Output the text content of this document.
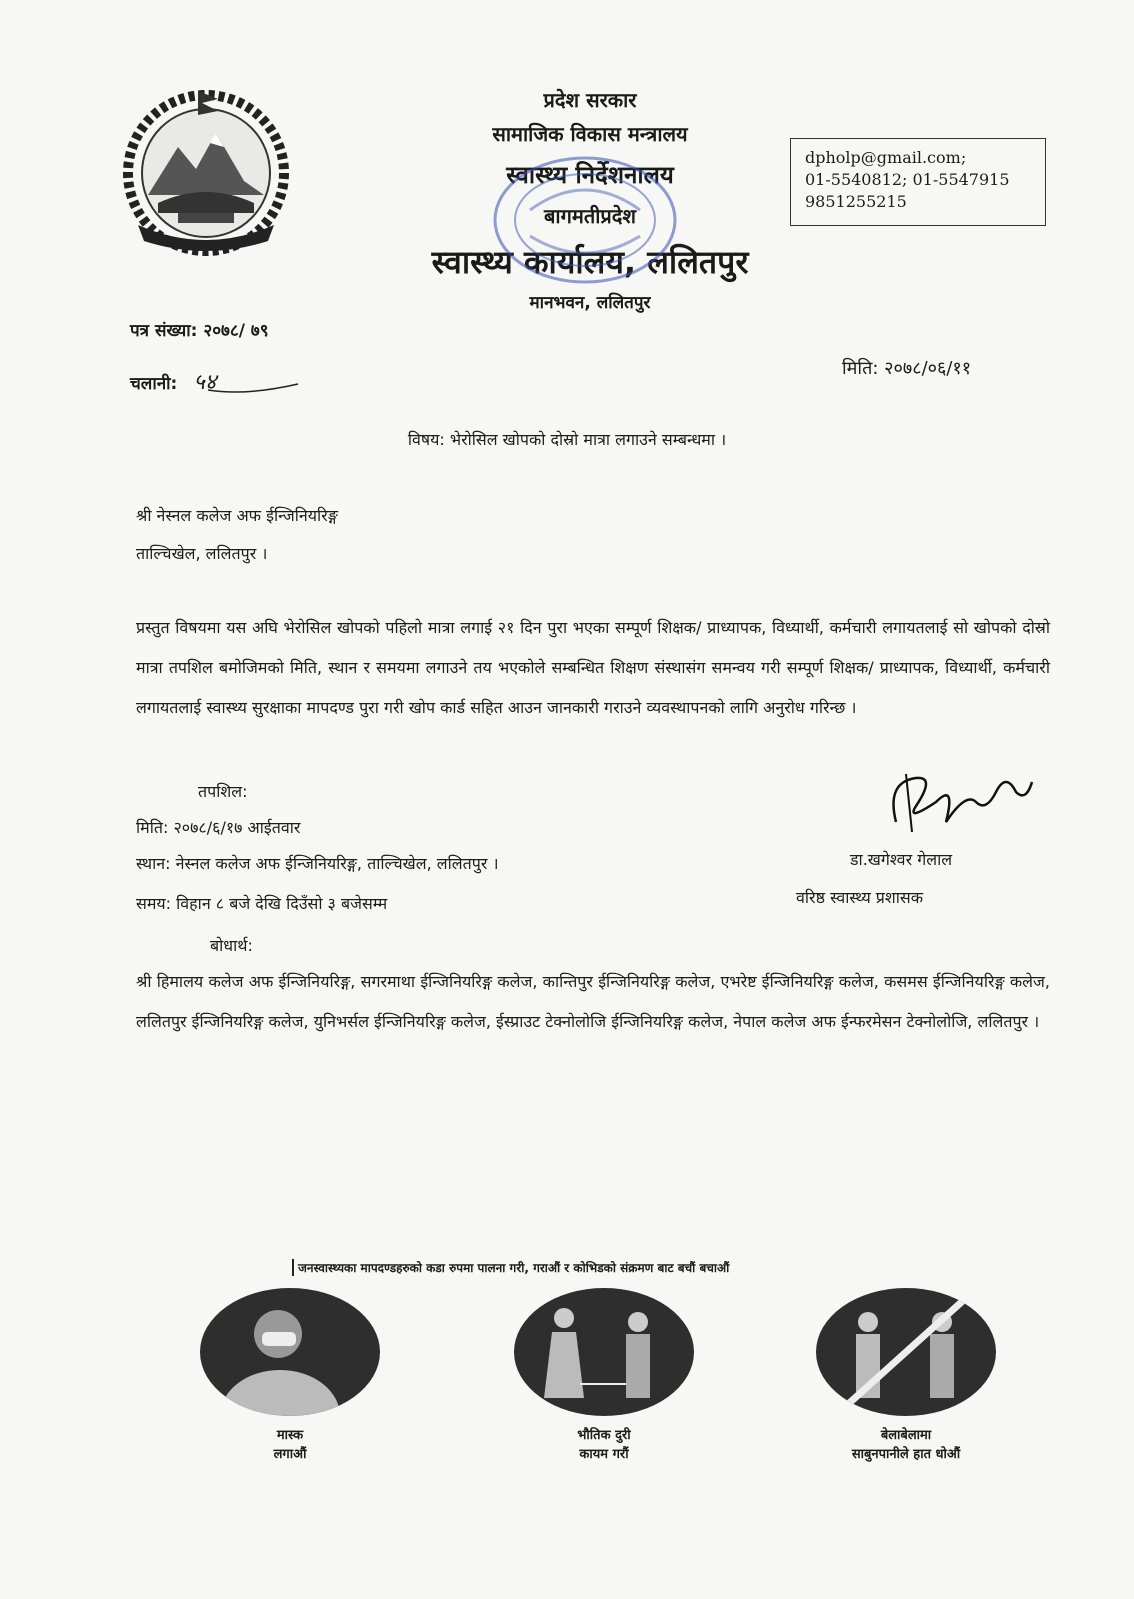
प्रदेश सरकार
सामाजिक विकास मन्त्रालय
स्वास्थ्य निर्देशनालय
बागमतीप्रदेश
स्वास्थ्य कार्यालय, ललितपुर
मानभवन, ललितपुर
dpholp@gmail.com;
01-5540812; 01-5547915
9851255215
पत्र संख्या: २०७८/ ७९
चलानी: ५४
मिति: २०७८/०६/११
विषय: भेरोसिल खोपको दोस्रो मात्रा लगाउने सम्बन्धमा ।
श्री नेस्नल कलेज अफ ईन्जिनियरिङ्ग
ताल्चिखेल, ललितपुर ।
प्रस्तुत विषयमा यस अघि भेरोसिल खोपको पहिलो मात्रा लगाई २१ दिन पुरा भएका सम्पूर्ण शिक्षक/ प्राध्यापक, विध्यार्थी, कर्मचारी लगायतलाई सो खोपको दोस्रो मात्रा तपशिल बमोजिमको मिति, स्थान र समयमा लगाउने तय भएकोले सम्बन्धित शिक्षण संस्थासंग समन्वय गरी सम्पूर्ण शिक्षक/ प्राध्यापक, विध्यार्थी, कर्मचारी लगायतलाई स्वास्थ्य सुरक्षाका मापदण्ड पुरा गरी खोप कार्ड सहित आउन जानकारी गराउने व्यवस्थापनको लागि अनुरोध गरिन्छ ।
तपशिल:
मिति: २०७८/६/१७ आईतवार
स्थान: नेस्नल कलेज अफ ईन्जिनियरिङ्ग, ताल्चिखेल, ललितपुर ।
समय: विहान ८ बजे देखि दिउँसो ३ बजेसम्म
डा.खगेश्वर गेलाल
वरिष्ठ स्वास्थ्य प्रशासक
बोधार्थ:
श्री हिमालय कलेज अफ ईन्जिनियरिङ्ग, सगरमाथा ईन्जिनियरिङ्ग कलेज, कान्तिपुर ईन्जिनियरिङ्ग कलेज, एभरेष्ट ईन्जिनियरिङ्ग कलेज, कसमस ईन्जिनियरिङ्ग कलेज, ललितपुर ईन्जिनियरिङ्ग कलेज, युनिभर्सल ईन्जिनियरिङ्ग कलेज, ईस्प्राउट टेक्नोलोजि ईन्जिनियरिङ्ग कलेज, नेपाल कलेज अफ ईन्फरमेसन टेक्नोलोजि, ललितपुर ।
जनस्वास्थ्यका मापदण्डहरुको कडा रुपमा पालना गरी, गराऔं र कोभिडको संक्रमण बाट बचौं बचाऔं
मास्क
लगाऔं
भौतिक दुरी
कायम गरौं
बेलाबेलामा
साबुनपानीले हात धोऔं
